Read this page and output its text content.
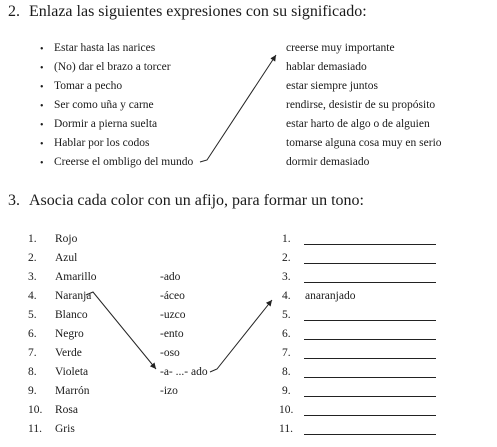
2. Enlaza las siguientes expresiones con su significado:
• Estar hasta las narices
• (No) dar el brazo a torcer
• Tomar a pecho
• Ser como uña y carne
• Dormir a pierna suelta
• Hablar por los codos
• Creerse el ombligo del mundo
creerse muy importante
hablar demasiado
estar siempre juntos
rendirse, desistir de su propósito
estar harto de algo o de alguien
tomarse alguna cosa muy en serio
dormir demasiado
3. Asocia cada color con un afijo, para formar un tono:
1. Rojo
2. Azul
3. Amarillo
4. Naranja
5. Blanco
6. Negro
7. Verde
8. Violeta
9. Marrón
10. Rosa
11. Gris
-ado
-áceo
-uzco
-ento
-oso
-a- ...- ado
-izo
1.
2.
3.
4. anaranjado
5.
6.
7.
8.
9.
10.
11.
